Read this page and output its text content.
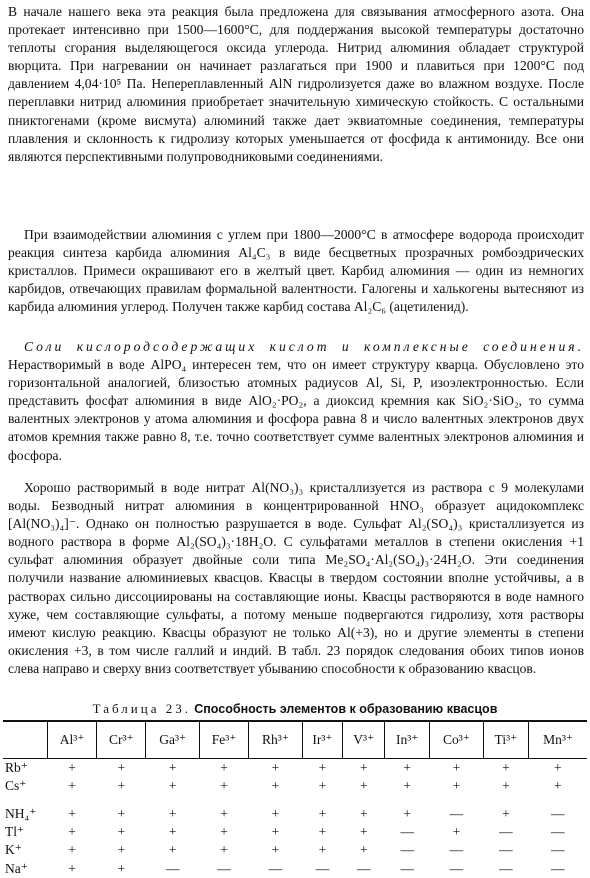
В начале нашего века эта реакция была предложена для связывания атмосферного азота. Она протекает интенсивно при 1500—1600°С, для поддержания высокой температуры достаточно теплоты сгорания выделяющегося оксида углерода. Нитрид алюминия обладает структурой вюрцита. При нагревании он начинает разлагаться при 1900 и плавиться при 1200°С под давлением 4,04·10⁵ Па. Непереплавленный AlN гидролизуется даже во влажном воздухе. После переплавки нитрид алюминия приобретает значительную химическую стойкость. С остальными пниктогенами (кроме висмута) алюминий также дает эквиатомные соединения, температуры плавления и склонность к гидролизу которых уменьшается от фосфида к антимониду. Все они являются перспективными полупроводниковыми соединениями.

При взаимодействии алюминия с углем при 1800—2000°С в атмосфере водорода происходит реакция синтеза карбида алюминия Al₄C₃ в виде бесцветных прозрачных ромбоэдрических кристаллов. Примеси окрашивают его в желтый цвет. Карбид алюминия — один из немногих карбидов, отвечающих правилам формальной валентности. Галогены и халькогены вытесняют из карбида алюминия углерод. Получен также карбид состава Al₂C₆ (ацетиленид).

Соли кислородсодержащих кислот и комплексные соединения. Нерастворимый в воде AlPO₄ интересен тем, что он имеет структуру кварца. Обусловлено это горизонтальной аналогией, близостью атомных радиусов Al, Si, P, изоэлектронностью. Если представить фосфат алюминия в виде AlO₂·PO₂, а диоксид кремния как SiO₂·SiO₂, то сумма валентных электронов у атома алюминия и фосфора равна 8 и число валентных электронов двух атомов кремния также равно 8, т.е. точно соответствует сумме валентных электронов алюминия и фосфора.

Хорошо растворимый в воде нитрат Al(NO₃)₃ кристаллизуется из раствора с 9 молекулами воды. Безводный нитрат алюминия в концентрированной HNO₃ образует ацидокомплекс [Al(NO₃)₄]⁻. Однако он полностью разрушается в воде. Сульфат Al₂(SO₄)₃ кристаллизуется из водного раствора в форме Al₂(SO₄)₃·18H₂O. С сульфатами металлов в степени окисления +1 сульфат алюминия образует двойные соли типа Me₂SO₄·Al₂(SO₄)₃·24H₂O. Эти соединения получили название алюминиевых квасцов. Квасцы в твердом состоянии вполне устойчивы, а в растворах сильно диссоциированы на составляющие ионы. Квасцы растворяются в воде намного хуже, чем составляющие сульфаты, а потому меньше подвергаются гидролизу, хотя растворы имеют кислую реакцию. Квасцы образуют не только Al(+3), но и другие элементы в степени окисления +3, в том числе галлий и индий. В табл. 23 порядок следования обоих типов ионов слева направо и сверху вниз соответствует убыванию способности к образованию квасцов.

Таблица 23. Способность элементов к образованию квасцов
	Al³⁺	Cr³⁺	Ga³⁺	Fe³⁺	Rh³⁺	Ir³⁺	V³⁺	In³⁺	Co³⁺	Ti³⁺	Mn³⁺
Rb⁺	+	+	+	+	+	+	+	+	+	+	+
Cs⁺	+	+	+	+	+	+	+	+	+	+	+

NH₄⁺	+	+	+	+	+	+	+	+	—	+	—
Tl⁺	+	+	+	+	+	+	+	—	+	—	—
K⁺	+	+	+	+	+	+	+	—	—	—	—
Na⁺	+	+	—	—	—	—	—	—	—	—	—
